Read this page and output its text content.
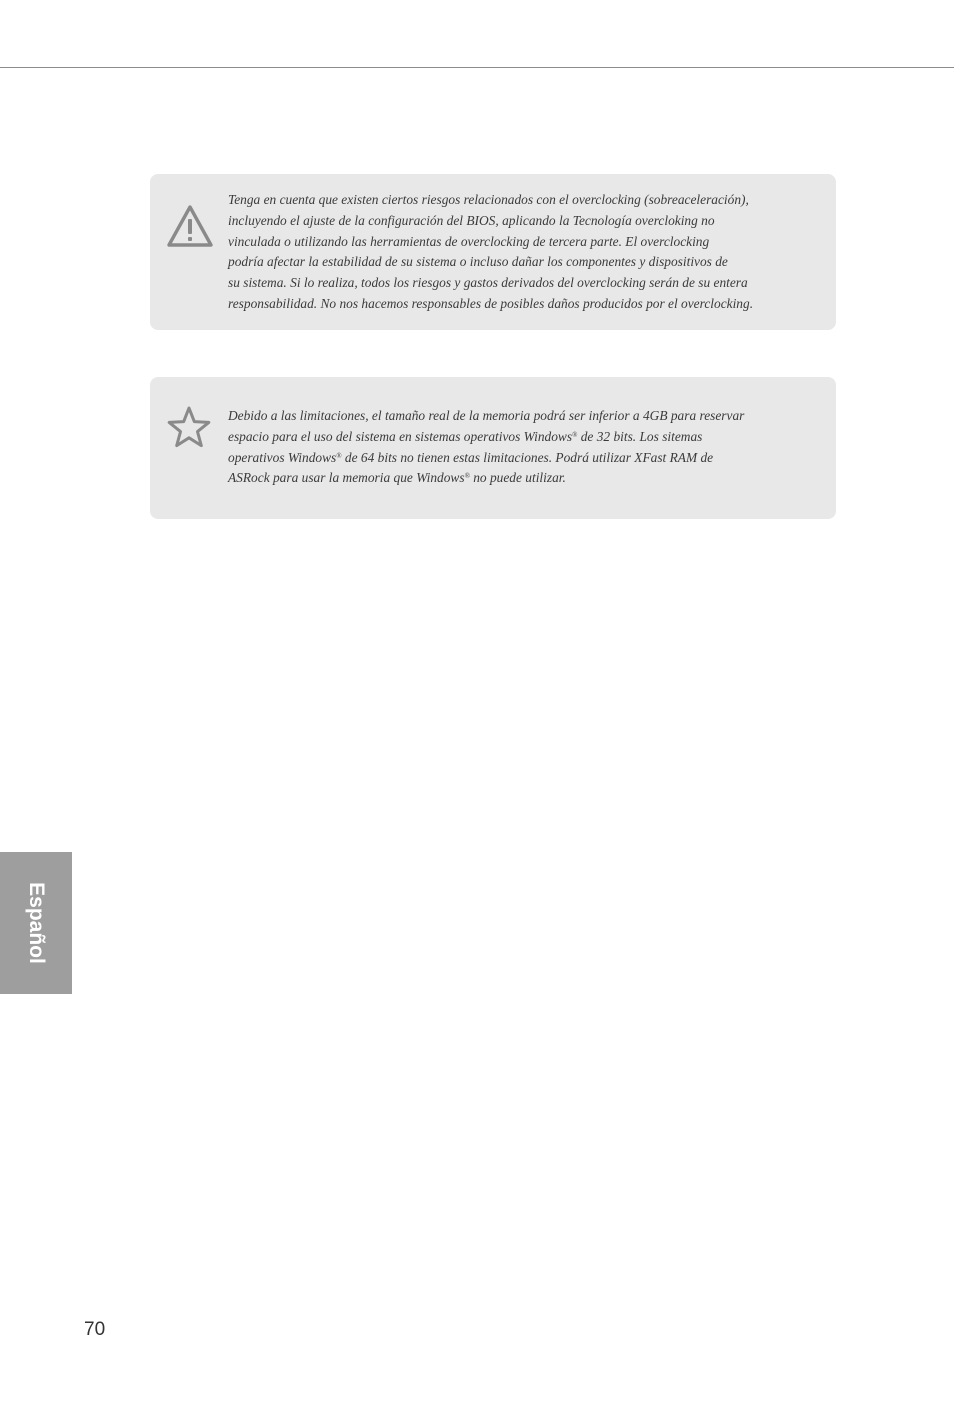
Tenga en cuenta que existen ciertos riesgos relacionados con el overclocking (sobreaceleración),
incluyendo el ajuste de la configuración del BIOS, aplicando la Tecnología overcloking no
vinculada o utilizando las herramientas de overclocking de tercera parte. El overclocking
podría afectar la estabilidad de su sistema o incluso dañar los componentes y dispositivos de
su sistema. Si lo realiza, todos los riesgos y gastos derivados del overclocking serán de su entera
responsabilidad. No nos hacemos responsables de posibles daños producidos por el overclocking.

Debido a las limitaciones, el tamaño real de la memoria podrá ser inferior a 4GB para reservar
espacio para el uso del sistema en sistemas operativos Windows® de 32 bits. Los sitemas
operativos Windows® de 64 bits no tienen estas limitaciones. Podrá utilizar XFast RAM de
ASRock para usar la memoria que Windows® no puede utilizar.

Español
70
